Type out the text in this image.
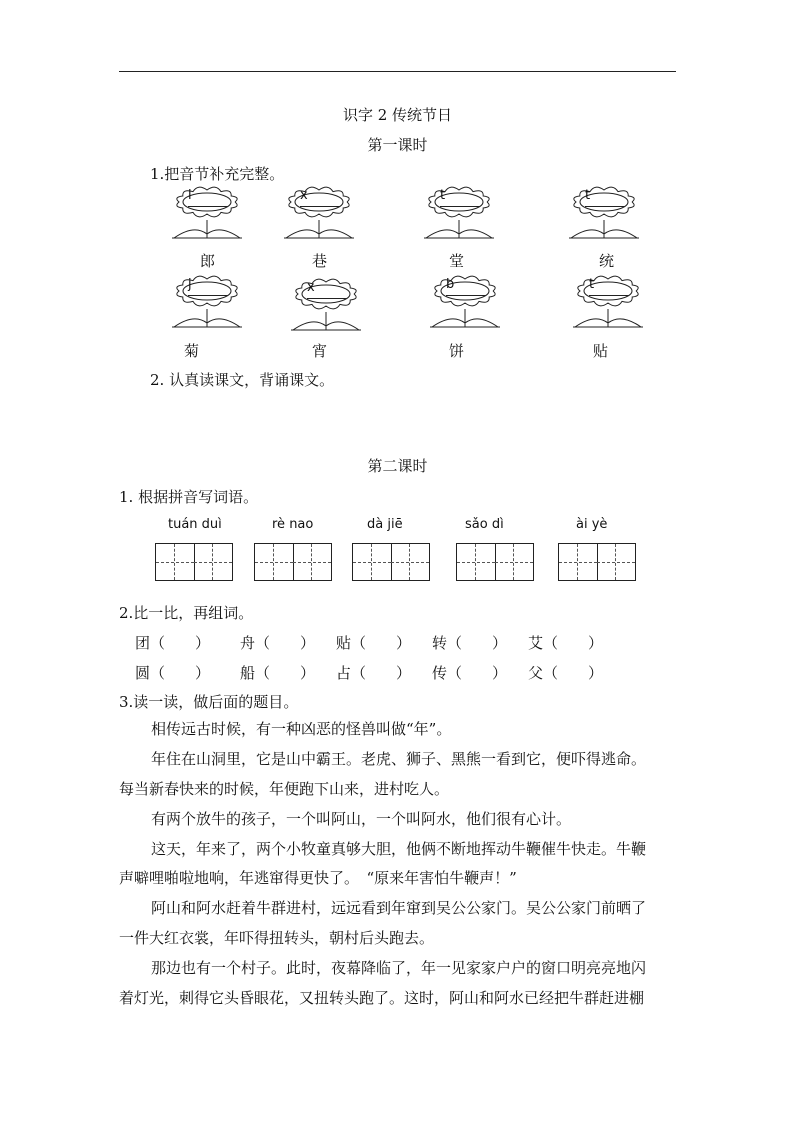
识字 2 传统节日
第一课时
1.把音节补充完整。
l	x	t	t
郎	巷	堂	统
j	x	b	t
菊	宵	饼	贴
2. 认真读课文，背诵课文。
第二课时
1. 根据拼音写词语。
tuán duì	rè nao	dà jiē	sǎo dì	ài yè
2.比一比，再组词。
团（　　） 舟（　　） 贴（　　） 转（　　） 艾（　　）
圆（　　） 船（　　） 占（　　） 传（　　） 父（　　）
3.读一读，做后面的题目。
相传远古时候，有一种凶恶的怪兽叫做“年”。
年住在山洞里，它是山中霸王。老虎、狮子、黑熊一看到它，便吓得逃命。
每当新春快来的时候，年便跑下山来，进村吃人。
有两个放牛的孩子，一个叫阿山，一个叫阿水，他们很有心计。
这天，年来了，两个小牧童真够大胆，他俩不断地挥动牛鞭催牛快走。牛鞭
声噼哩啪啦地响，年逃窜得更快了。　“原来年害怕牛鞭声！”
阿山和阿水赶着牛群进村，远远看到年窜到吴公公家门。吴公公家门前晒了
一件大红衣裳，年吓得扭转头，朝村后头跑去。
那边也有一个村子。此时，夜幕降临了，年一见家家户户的窗口明亮亮地闪
着灯光，刺得它头昏眼花，又扭转头跑了。这时，阿山和阿水已经把牛群赶进棚
